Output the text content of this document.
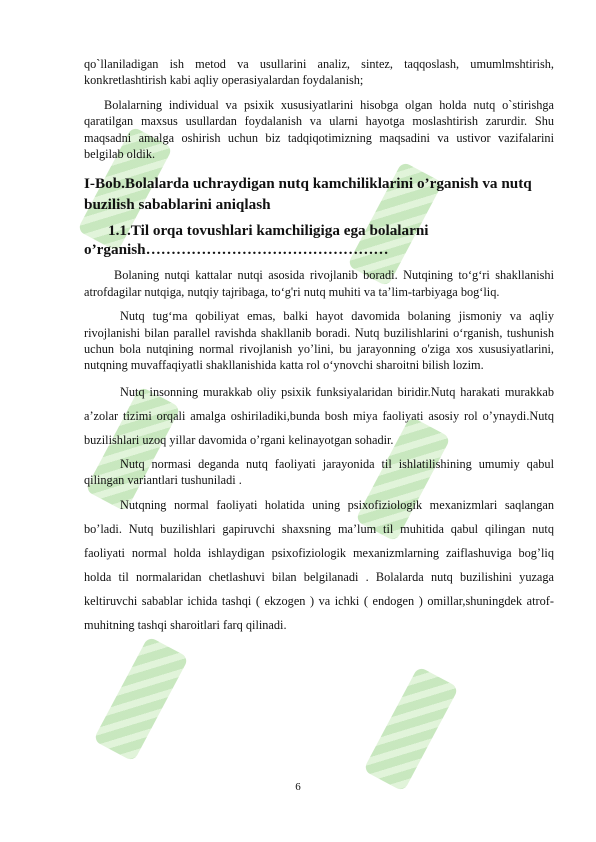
qo`llaniladigan ish metod va usullarini analiz, sintez, taqqoslash, umumlmshtirish, konkretlashtirish kabi aqliy operasiyalardan foydalanish;

Bolalarning individual va psixik xususiyatlarini hisobga olgan holda nutq o`stirishga qaratilgan maxsus usullardan foydalanish va ularni hayotga moslashtirish zarurdir. Shu maqsadni amalga oshirish uchun biz tadqiqotimizning maqsadini va ustivor vazifalarini belgilab oldik.

I-Bob.Bolalarda uchraydigan nutq kamchiliklarini o’rganish va nutq buzilish sabablarini aniqlash
1.1.Til orqa tovushlari kamchiligiga ega bolalarni o’rganish…………………………………………

Bolaning nutqi kattalar nutqi asosida rivojlanib boradi. Nutqining to‘g‘ri shakllanishi atrofdagilar nutqiga, nutqiy tajribaga, to‘g'ri nutq muhiti va ta’lim-tarbiyaga bog‘liq.

Nutq tug‘ma qobiliyat emas, balki hayot davomida bolaning jismoniy va aqliy rivojlanishi bilan parallel ravishda shakllanib boradi. Nutq buzilishlarini o‘rganish, tushunish uchun bola nutqining normal rivojlanish yo’lini, bu jarayonning o'ziga xos xususiyatlarini, nutqning muvaffaqiyatli shakllanishida katta rol o‘ynovchi sharoitni bilish lozim.

Nutq insonning murakkab oliy psixik funksiyalaridan biridir.Nutq harakati murakkab a’zolar tizimi orqali amalga oshiriladiki,bunda bosh miya faoliyati asosiy rol o’ynaydi.Nutq buzilishlari uzoq yillar davomida o’rgani kelinayotgan sohadir.

Nutq normasi deganda nutq faoliyati jarayonida til ishlatilishining umumiy qabul qilingan variantlari tushuniladi .

Nutqning normal faoliyati holatida uning psixofiziologik mexanizmlari saqlangan bo’ladi. Nutq buzilishlari gapiruvchi shaxsning ma’lum til muhitida qabul qilingan nutq faoliyati normal holda ishlaydigan psixofiziologik mexanizmlarning zaiflashuviga bog’liq holda til normalaridan chetlashuvi bilan belgilanadi . Bolalarda nutq buzilishini yuzaga keltiruvchi sabablar ichida tashqi ( ekzogen ) va ichki ( endogen ) omillar,shuningdek atrof-muhitning tashqi sharoitlari farq qilinadi.

6
